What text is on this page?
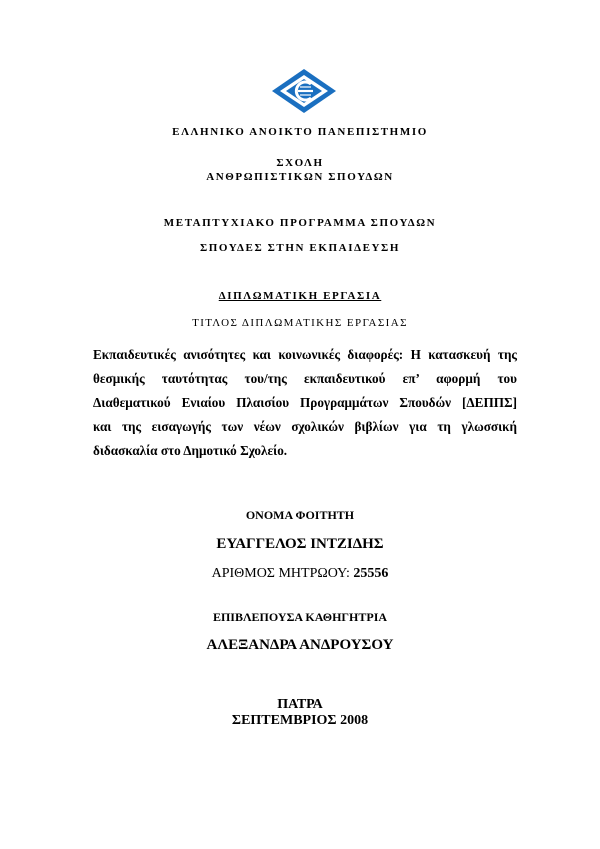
ΕΛΛΗΝΙΚΟ ΑΝΟΙΚΤΟ ΠΑΝΕΠΙΣΤΗΜΙΟ
ΣΧΟΛΗ
ΑΝΘΡΩΠΙΣΤΙΚΩΝ ΣΠΟΥΔΩΝ
ΜΕΤΑΠΤΥΧΙΑΚΟ ΠΡΟΓΡΑΜΜΑ ΣΠΟΥΔΩΝ
ΣΠΟΥΔΕΣ ΣΤΗΝ ΕΚΠΑΙΔΕΥΣΗ
ΔΙΠΛΩΜΑΤΙΚΗ ΕΡΓΑΣΙΑ
ΤΙΤΛΟΣ ΔΙΠΛΩΜΑΤΙΚΗΣ ΕΡΓΑΣΙΑΣ
Εκπαιδευτικές ανισότητες και κοινωνικές διαφορές: Η κατασκευή της
θεσμικής ταυτότητας του/της εκπαιδευτικού επ’ αφορμή του
Διαθεματικού Ενιαίου Πλαισίου Προγραμμάτων Σπουδών [ΔΕΠΠΣ]
και της εισαγωγής των νέων σχολικών βιβλίων για τη γλωσσική
διδασκαλία στο Δημοτικό Σχολείο.
ΟΝΟΜΑ ΦΟΙΤΗΤΗ
ΕΥΑΓΓΕΛΟΣ ΙΝΤΖΙΔΗΣ
ΑΡΙΘΜΟΣ ΜΗΤΡΩΟΥ: 25556
ΕΠΙΒΛΕΠΟΥΣΑ ΚΑΘΗΓΗΤΡΙΑ
ΑΛΕΞΑΝΔΡΑ ΑΝΔΡΟΥΣΟΥ
ΠΑΤΡΑ
ΣΕΠΤΕΜΒΡΙΟΣ 2008
